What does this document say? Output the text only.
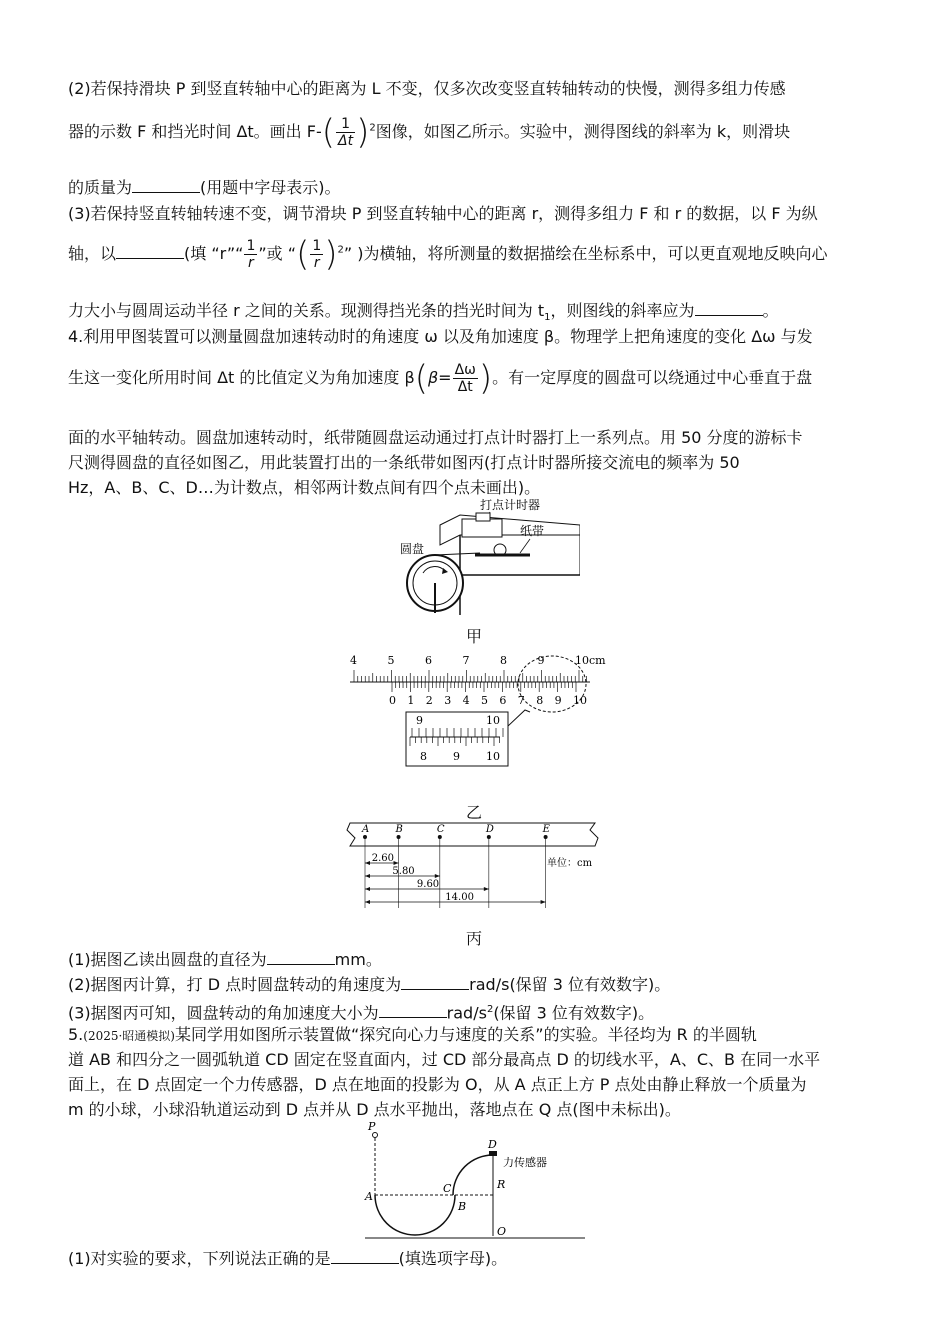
(2)若保持滑块 P 到竖直转轴中心的距离为 L 不变，仅多次改变竖直转轴转动的快慢，测得多组力传感
器的示数 F 和挡光时间 Δt。画出 $F-( \frac{1}{\Delta t} )^2$图像，如图乙所示。实验中，测得图线的斜率为 k，则滑块
的质量为	(用题中字母表示)。
(3)若保持竖直转轴转速不变，调节滑块 P 到竖直转轴中心的距离 r，测得多组力 F 和 r 的数据，以 F 为纵
轴，以	(填 “r”“ $\frac{1}{r}$ ”或 “( $\frac{1}{r} )^2$” )为横轴，将所测量的数据描绘在坐标系中，可以更直观地反映向心
力大小与圆周运动半径 r 之间的关系。现测得挡光条的挡光时间为 $t_1$，则图线的斜率应为	。
4.利用甲图装置可以测量圆盘加速转动时的角速度 ω 以及角加速度 β。物理学上把角速度的变化 Δω 与发
生这一变化所用时间 Δt 的比值定义为角加速度 $\beta(\beta= \frac{\Delta\omega}{\Delta t}$ )。有一定厚度的圆盘可以绕通过中心垂直于盘
面的水平轴转动。圆盘加速转动时，纸带随圆盘运动通过打点计时器打上一系列点。用 50 分度的游标卡
尺测得圆盘的直径如图乙，用此装置打出的一条纸带如图丙(打点计时器所接交流电的频率为 50
Hz，A、B、C、D…为计数点，相邻两计数点间有四个点未画出)。
打点计时器
纸带
圆盘
甲
4	5	6	7	8	9	10cm
0 1 2 3 4 5 6 7 8 9 10
9	10
8 9 10
乙
A	B	C	D	E
2.60
5.80
9.60
14.00
单位：cm
丙
(1)据图乙读出圆盘的直径为	mm。
(2)据图丙计算，打 D 点时圆盘转动的角速度为	rad/s(保留 3 位有效数字)。
(3)据图丙可知，圆盘转动的角加速度大小为	rad/$s^2$(保留 3 位有效数字)。
5.(2025·昭通模拟)某同学用如图所示装置做“探究向心力与速度的关系”的实验。半径均为 R 的半圆轨
道 AB 和四分之一圆弧轨道 CD 固定在竖直面内，过 CD 部分最高点 D 的切线水平，A、C、B 在同一水平
面上，在 D 点固定一个力传感器，D 点在地面的投影为 O，从 A 点正上方 P 点处由静止释放一个质量为
m 的小球，小球沿轨道运动到 D 点并从 D 点水平抛出，落地点在 Q 点(图中未标出)。
P
A
B
C
D
力传感器
R
O
(1)对实验的要求，下列说法正确的是	(填选项字母)。
